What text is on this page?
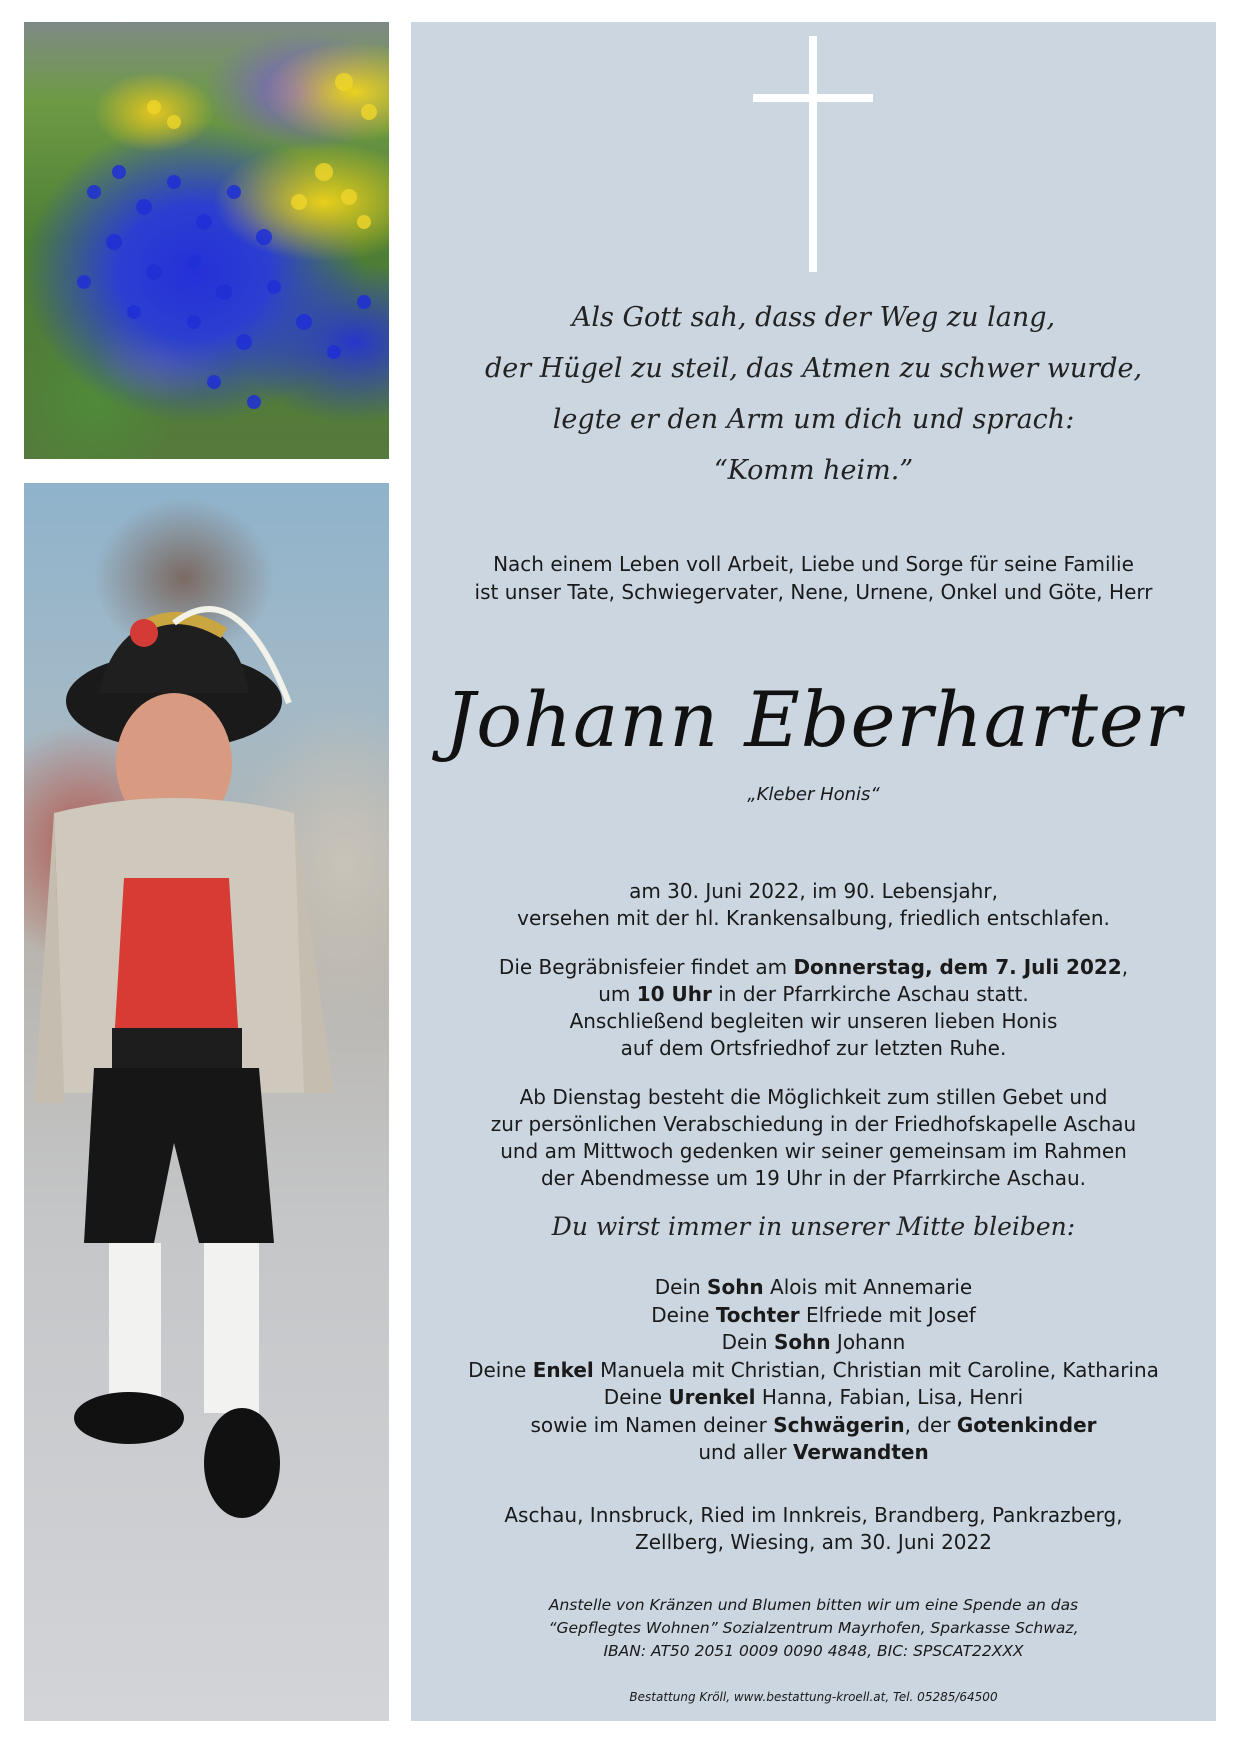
Als Gott sah, dass der Weg zu lang,
der Hügel zu steil, das Atmen zu schwer wurde,
legte er den Arm um dich und sprach:
“Komm heim.”
Nach einem Leben voll Arbeit, Liebe und Sorge für seine Familie
ist unser Tate, Schwiegervater, Nene, Urnene, Onkel und Göte, Herr
Johann Eberharter
„Kleber Honis“
am 30. Juni 2022, im 90. Lebensjahr,
versehen mit der hl. Krankensalbung, friedlich entschlafen.
Die Begräbnisfeier findet am Donnerstag, dem 7. Juli 2022,
um 10 Uhr in der Pfarrkirche Aschau statt.
Anschließend begleiten wir unseren lieben Honis
auf dem Ortsfriedhof zur letzten Ruhe.
Ab Dienstag besteht die Möglichkeit zum stillen Gebet und
zur persönlichen Verabschiedung in der Friedhofskapelle Aschau
und am Mittwoch gedenken wir seiner gemeinsam im Rahmen
der Abendmesse um 19 Uhr in der Pfarrkirche Aschau.
Du wirst immer in unserer Mitte bleiben:
Dein Sohn Alois mit Annemarie
Deine Tochter Elfriede mit Josef
Dein Sohn Johann
Deine Enkel Manuela mit Christian, Christian mit Caroline, Katharina
Deine Urenkel Hanna, Fabian, Lisa, Henri
sowie im Namen deiner Schwägerin, der Gotenkinder
und aller Verwandten
Aschau, Innsbruck, Ried im Innkreis, Brandberg, Pankrazberg,
Zellberg, Wiesing, am 30. Juni 2022
Anstelle von Kränzen und Blumen bitten wir um eine Spende an das
“Gepflegtes Wohnen” Sozialzentrum Mayrhofen, Sparkasse Schwaz,
IBAN: AT50 2051 0009 0090 4848, BIC: SPSCAT22XXX
Bestattung Kröll, www.bestattung-kroell.at, Tel. 05285/64500
